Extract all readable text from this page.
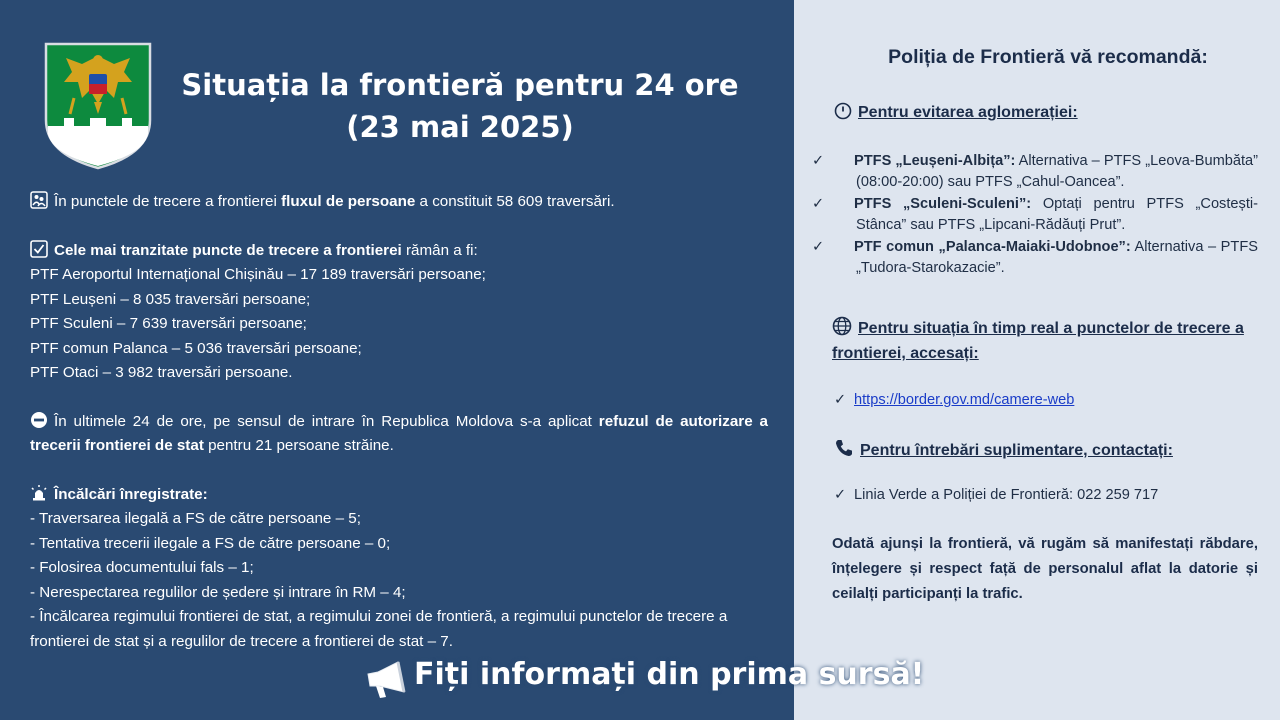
Situația la frontieră pentru 24 ore
(23 mai 2025)

În punctele de trecere a frontierei fluxul de persoane a constituit 58 609 traversări.

Cele mai tranzitate puncte de trecere a frontierei rămân a fi:

PTF Aeroportul Internațional Chișinău – 17 189 traversări persoane;

PTF Leușeni – 8 035 traversări persoane;

PTF Sculeni – 7 639 traversări persoane;

PTF comun Palanca – 5 036 traversări persoane;

PTF Otaci – 3 982 traversări persoane.

În ultimele 24 de ore, pe sensul de intrare în Republica Moldova s-a aplicat refuzul de autorizare a trecerii frontierei de stat pentru 21 persoane străine.

Încălcări înregistrate:

- Traversarea ilegală a FS de către persoane – 5;

- Tentativa trecerii ilegale a FS de către persoane – 0;

- Folosirea documentului fals – 1;

- Nerespectarea regulilor de ședere și intrare în RM – 4;

- Încălcarea regimului frontierei de stat, a regimului zonei de frontieră, a regimului punctelor de trecere a frontierei de stat și a regulilor de trecere a frontierei de stat – 7.

Poliția de Frontieră vă recomandă:
Pentru evitarea aglomerației:
✓ PTFS „Leușeni-Albița”: Alternativa – PTFS „Leova-Bumbăta” (08:00-20:00) sau PTFS „Cahul-Oancea”.
✓ PTFS „Sculeni-Sculeni”: Optați pentru PTFS „Costești-Stânca” sau PTFS „Lipcani-Rădăuți Prut”.
✓ PTF comun „Palanca-Maiaki-Udobnoe”: Alternativa – PTFS „Tudora-Starokazacie”.
Pentru situația în timp real a punctelor de trecere a frontierei, accesați:
✓ https://border.gov.md/camere-web
Pentru întrebări suplimentare, contactați:
✓ Linia Verde a Poliției de Frontieră: 022 259 717
Odată ajunși la frontieră, vă rugăm să manifestați răbdare, înțelegere și respect față de personalul aflat la datorie și ceilalți participanți la trafic.
Fiți informați din prima sursă!
